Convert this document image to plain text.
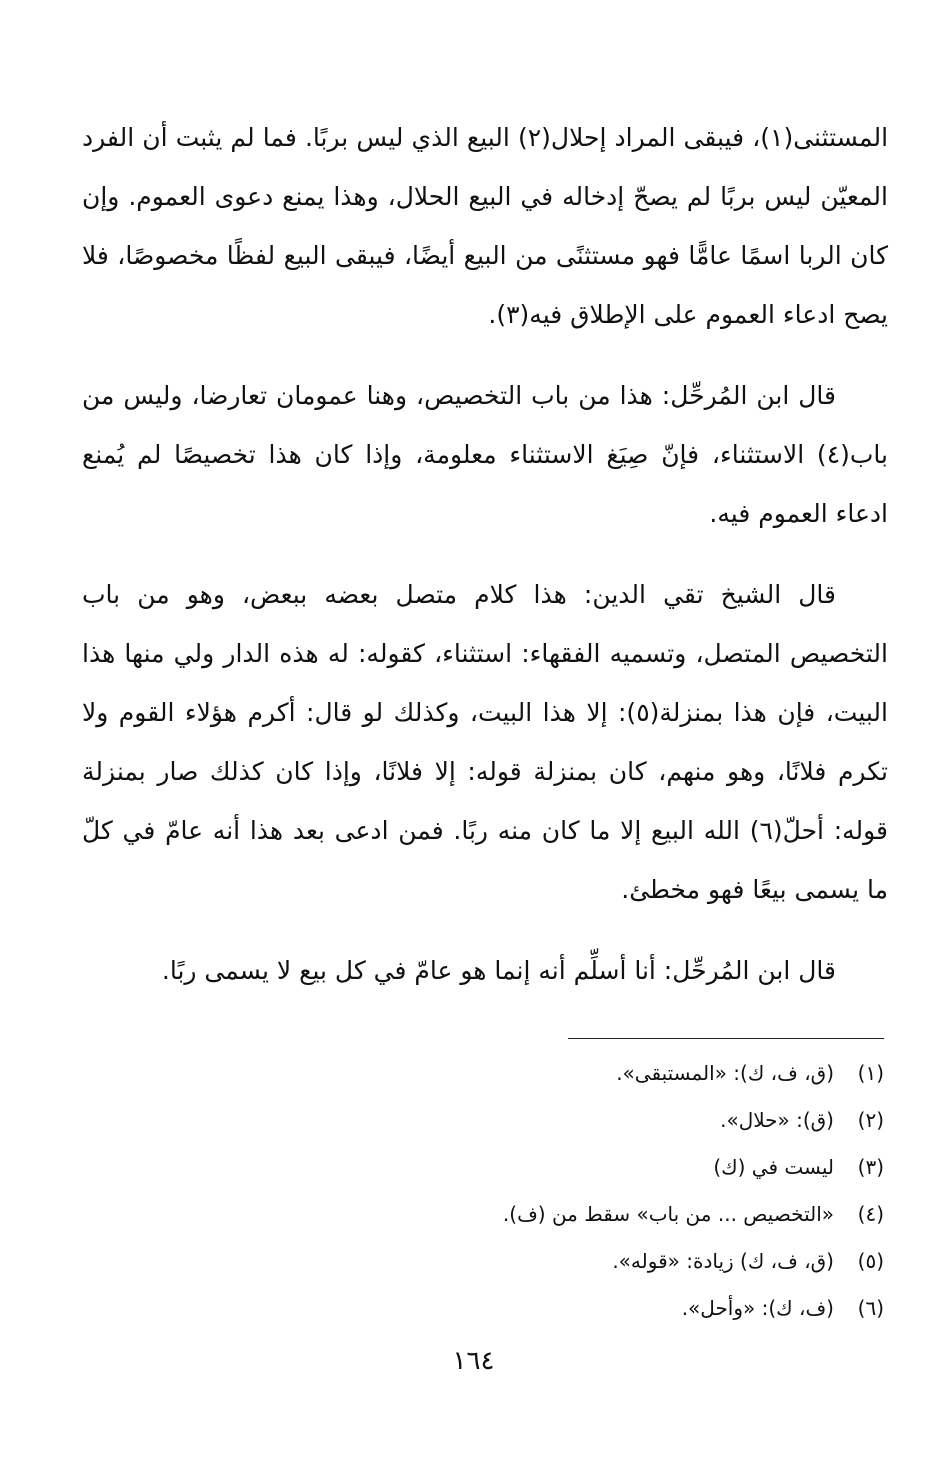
المستثنى(١)، فيبقى المراد إحلال(٢) البيع الذي ليس بربًا. فما لم يثبت أن الفرد المعيّن ليس بربًا لم يصحّ إدخاله في البيع الحلال، وهذا يمنع دعوى العموم. وإن كان الربا اسمًا عامًّا فهو مستثنًى من البيع أيضًا، فيبقى البيع لفظًا مخصوصًا، فلا يصح ادعاء العموم على الإطلاق فيه(٣).

قال ابن المُرحِّل: هذا من باب التخصيص، وهنا عمومان تعارضا، وليس من باب(٤) الاستثناء، فإنّ صِيَغ الاستثناء معلومة، وإذا كان هذا تخصيصًا لم يُمنع ادعاء العموم فيه.

قال الشيخ تقي الدين: هذا كلام متصل بعضه ببعض، وهو من باب التخصيص المتصل، وتسميه الفقهاء: استثناء، كقوله: له هذه الدار ولي منها هذا البيت، فإن هذا بمنزلة(٥): إلا هذا البيت، وكذلك لو قال: أكرم هؤلاء القوم ولا تكرم فلانًا، وهو منهم، كان بمنزلة قوله: إلا فلانًا، وإذا كان كذلك صار بمنزلة قوله: أحلّ(٦) الله البيع إلا ما كان منه ربًا. فمن ادعى بعد هذا أنه عامّ في كلّ ما يسمى بيعًا فهو مخطئ.

قال ابن المُرحِّل: أنا أسلِّم أنه إنما هو عامّ في كل بيع لا يسمى ربًا.

(١)(ق، ف، ك): «المستبقى».
(٢)(ق): «حلال».
(٣)ليست في (ك)
(٤)«التخصيص ... من باب» سقط من (ف).
(٥)(ق، ف، ك) زيادة: «قوله».
(٦)(ف، ك): «وأحل».
١٦٤
